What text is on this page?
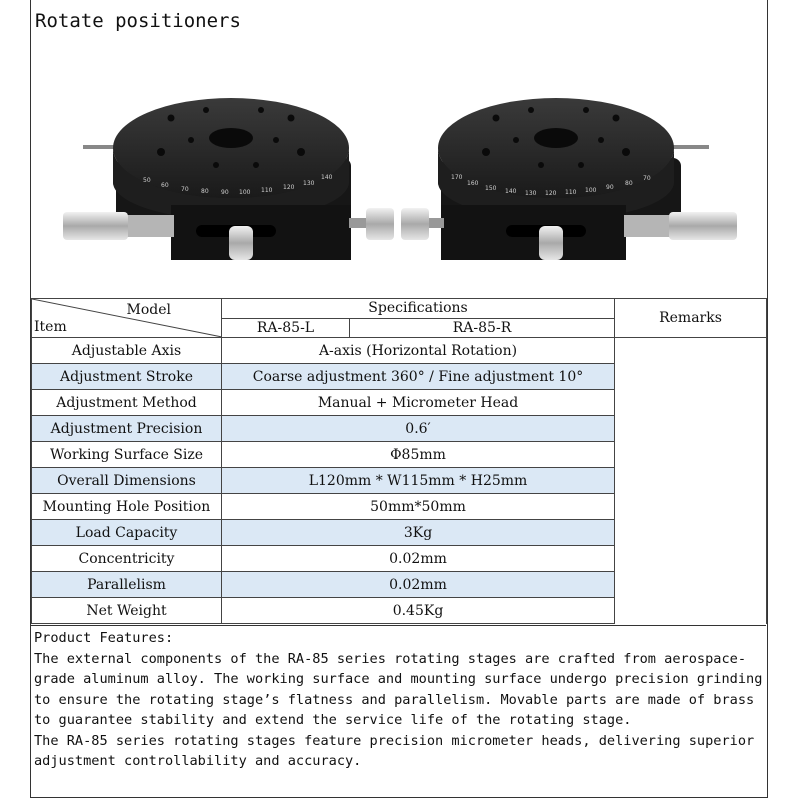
Rotate positioners
50
60
70 80 90 100 110 120
130
140	170
160
150 140 130 120 110 100 90
80
70
Model
Item	Specifications		Remarks
	RA-85-L	RA-85-R	
Adjustable Axis	A-axis (Horizontal Rotation)		
Adjustment Stroke	Coarse adjustment 360° / Fine adjustment 10°		
Adjustment Method	Manual + Micrometer Head		
Adjustment Precision	0.6′		
Working Surface Size	Φ85mm		
Overall Dimensions	L120mm * W115mm * H25mm		
Mounting Hole Position	50mm*50mm		
Load Capacity	3Kg		
Concentricity	0.02mm		
Parallelism	0.02mm		
Net Weight	0.45Kg		

Product Features:

The external components of the RA-85 series rotating stages are crafted from aerospace-grade aluminum alloy. The working surface and mounting surface undergo precision grinding to ensure the rotating stage’s flatness and parallelism. Movable parts are made of brass to guarantee stability and extend the service life of the rotating stage.

The RA-85 series rotating stages feature precision micrometer heads, delivering superior adjustment controllability and accuracy.
